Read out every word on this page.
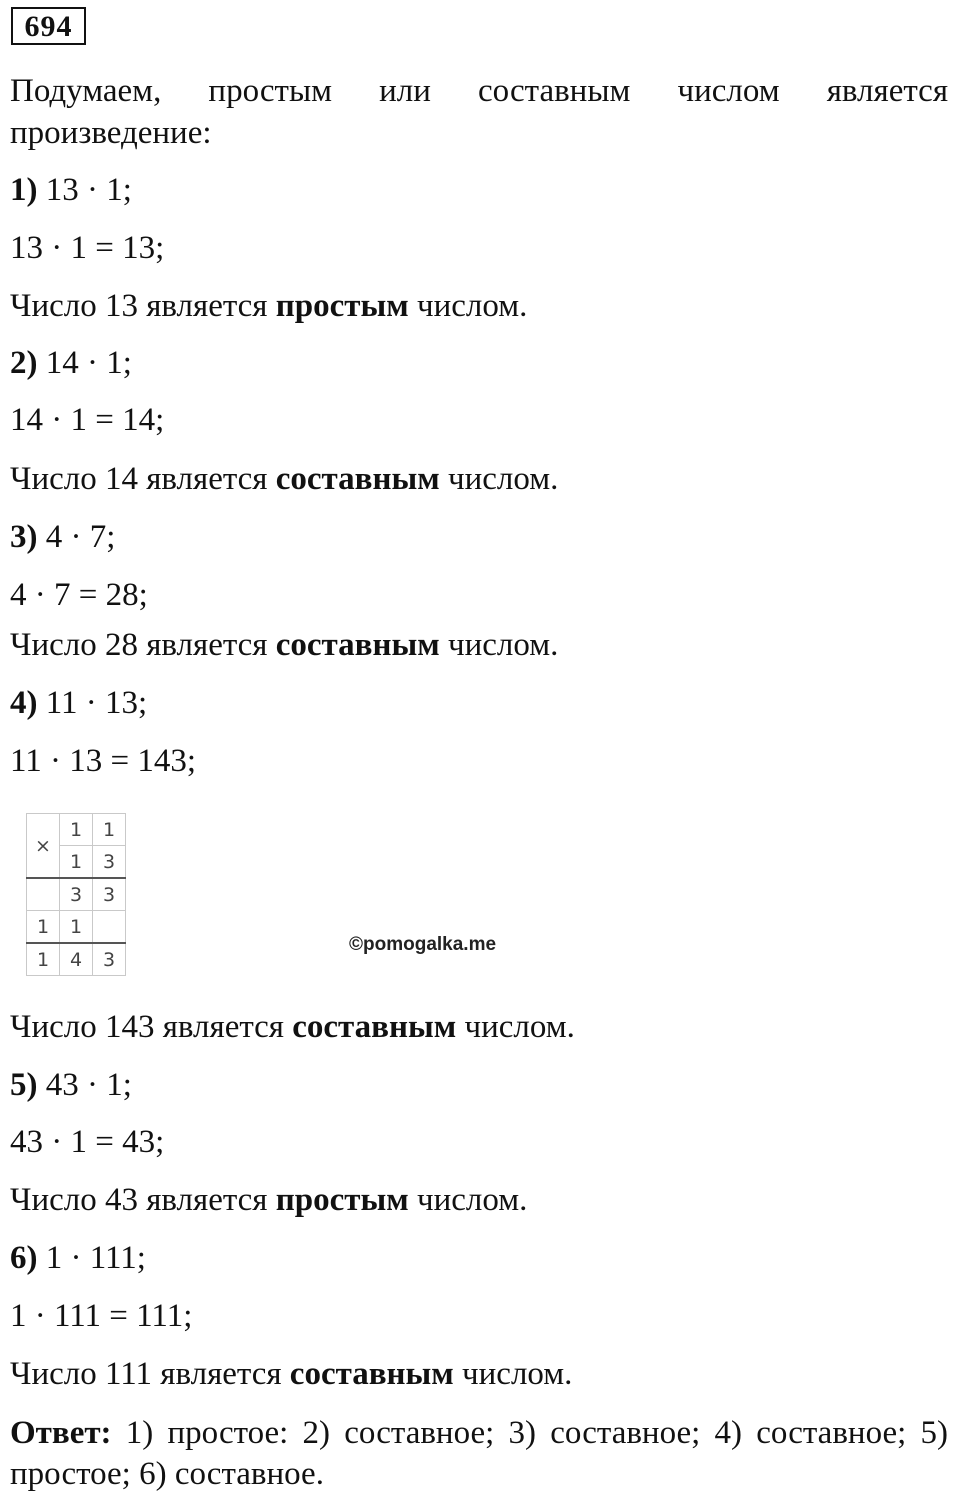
694
Подумаем, простым или составным числом является
произведение:
1) 13 · 1;
13 · 1 = 13;
Число 13 является простым числом.
2) 14 · 1;
14 · 1 = 14;
Число 14 является составным числом.
3) 4 · 7;
4 · 7 = 28;
Число 28 является составным числом.
4) 11 · 13;
11 · 13 = 143;
×	1	1
	1	3
	3	3
1	1	
1	4	3
©pomogalka.me
Число 143 является составным числом.
5) 43 · 1;
43 · 1 = 43;
Число 43 является простым числом.
6) 1 · 111;
1 · 111 = 111;
Число 111 является составным числом.
Ответ: 1) простое: 2) составное; 3) составное; 4) составное; 5)
простое; 6) составное.
